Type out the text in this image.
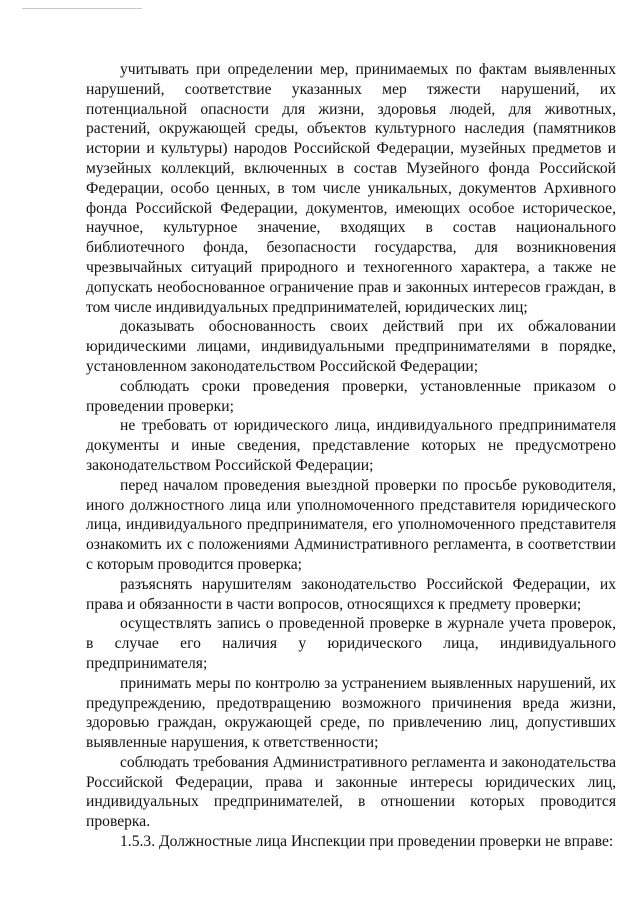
учитывать при определении мер, принимаемых по фактам выявленных нарушений, соответствие указанных мер тяжести нарушений, их потенциальной опасности для жизни, здоровья людей, для животных, растений, окружающей среды, объектов культурного наследия (памятников истории и культуры) народов Российской Федерации, музейных предметов и музейных коллекций, включенных в состав Музейного фонда Российской Федерации, особо ценных, в том числе уникальных, документов Архивного фонда Российской Федерации, документов, имеющих особое историческое, научное, культурное значение, входящих в состав национального библиотечного фонда, безопасности государства, для возникновения чрезвычайных ситуаций природного и техногенного характера, а также не допускать необоснованное ограничение прав и законных интересов граждан, в том числе индивидуальных предпринимателей, юридических лиц;

доказывать обоснованность своих действий при их обжаловании юридическими лицами, индивидуальными предпринимателями в порядке, установленном законодательством Российской Федерации;

соблюдать сроки проведения проверки, установленные приказом о проведении проверки;

не требовать от юридического лица, индивидуального предпринимателя документы и иные сведения, представление которых не предусмотрено законодательством Российской Федерации;

перед началом проведения выездной проверки по просьбе руководителя, иного должностного лица или уполномоченного представителя юридического лица, индивидуального предпринимателя, его уполномоченного представителя ознакомить их с положениями Административного регламента, в соответствии с которым проводится проверка;

разъяснять нарушителям законодательство Российской Федерации, их права и обязанности в части вопросов, относящихся к предмету проверки;

осуществлять запись о проведенной проверке в журнале учета проверок, в случае его наличия у юридического лица, индивидуального предпринимателя;

принимать меры по контролю за устранением выявленных нарушений, их предупреждению, предотвращению возможного причинения вреда жизни, здоровью граждан, окружающей среде, по привлечению лиц, допустивших выявленные нарушения, к ответственности;

соблюдать требования Административного регламента и законодательства Российской Федерации, права и законные интересы юридических лиц, индивидуальных предпринимателей, в отношении которых проводится проверка.

1.5.3. Должностные лица Инспекции при проведении проверки не вправе:
